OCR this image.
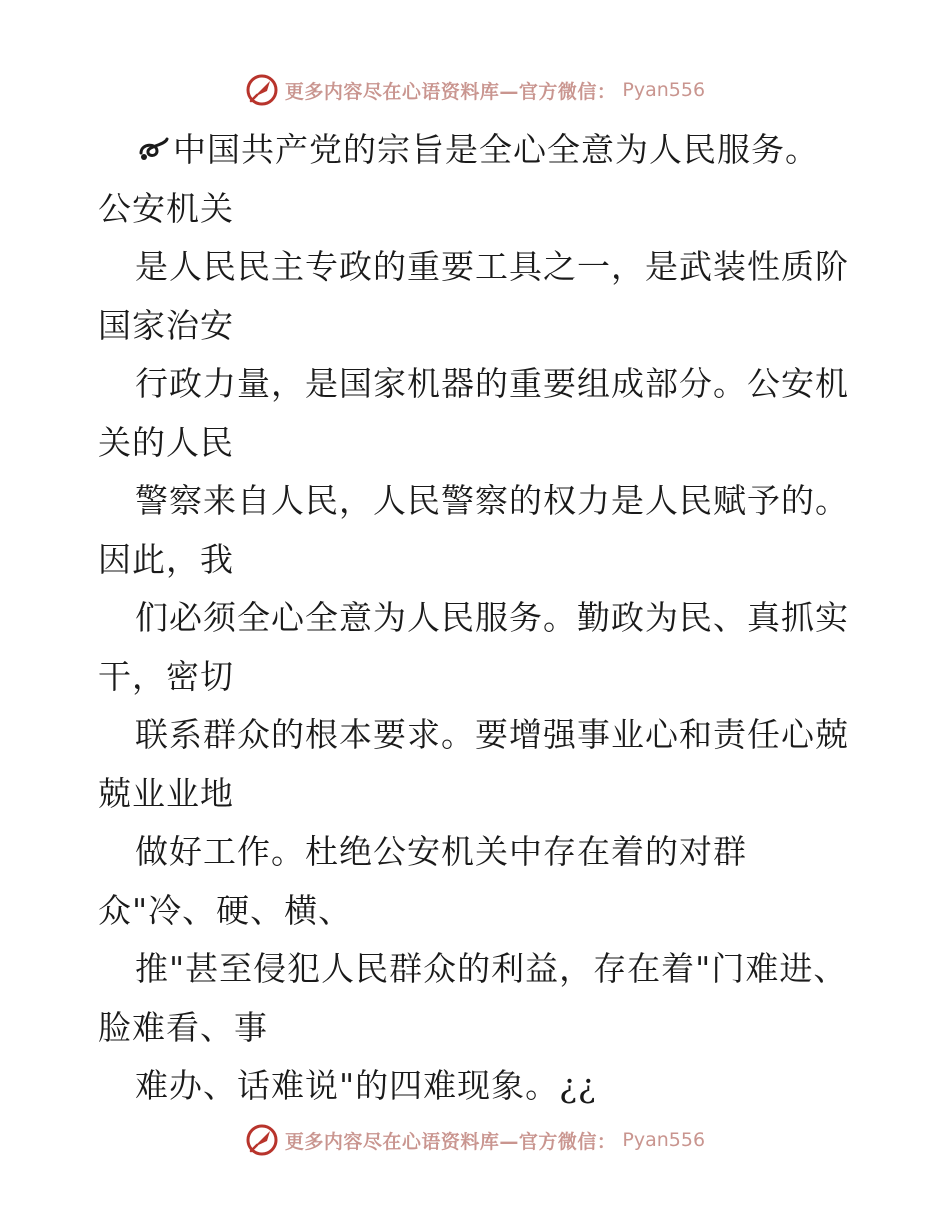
更多内容尽在心语资料库—官方微信： Pyan556
中国共产党的宗旨是全心全意为人民服务。
公安机关
是人民民主专政的重要工具之一，是武装性质阶
国家治安
行政力量，是国家机器的重要组成部分。公安机
关的人民
警察来自人民，人民警察的权力是人民赋予的。
因此，我
们必须全心全意为人民服务。勤政为民、真抓实
干，密切
联系群众的根本要求。要增强事业心和责任心兢
兢业业地
做好工作。杜绝公安机关中存在着的对群
众"冷、硬、横、
推"甚至侵犯人民群众的利益，存在着"门难进、
脸难看、事
难办、话难说"的四难现象。¿¿
更多内容尽在心语资料库—官方微信： Pyan556
